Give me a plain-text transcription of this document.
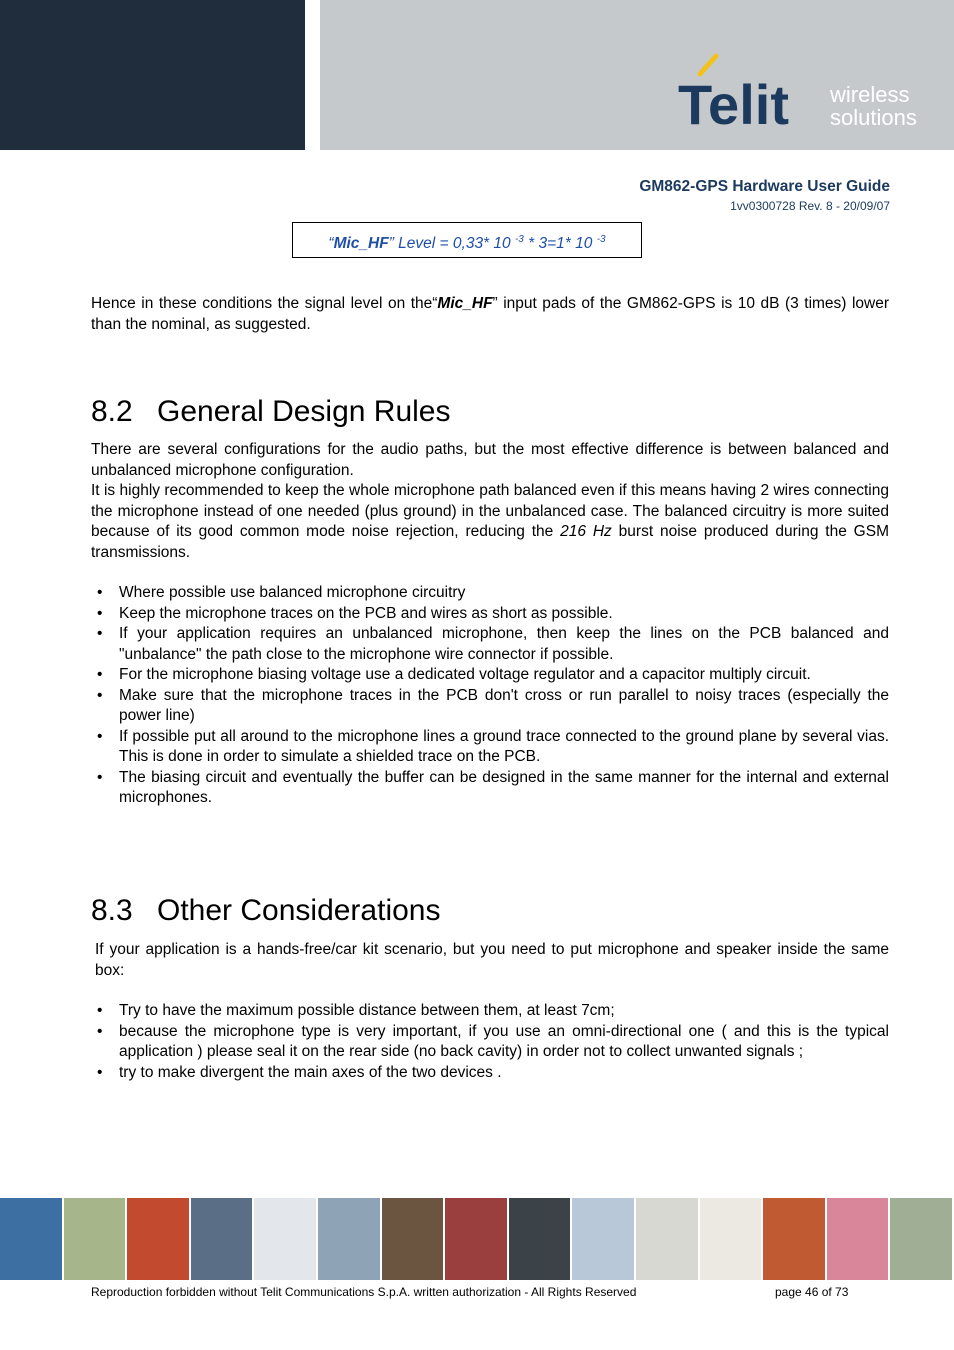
Telit wireless
solutions
GM862-GPS Hardware User Guide
1vv0300728 Rev. 8 - 20/09/07
“Mic_HF” Level = 0,33* 10 $^{-3}$ * 3=1* 10 $^{-3}$
Hence in these conditions the signal level on the“Mic_HF” input pads of the GM862-GPS is 10 dB (3 times) lower than the nominal, as suggested.
8.2 General Design Rules
There are several configurations for the audio paths, but the most effective difference is between balanced and unbalanced microphone configuration.
It is highly recommended to keep the whole microphone path balanced even if this means having 2 wires connecting the microphone instead of one needed (plus ground) in the unbalanced case. The balanced circuitry is more suited because of its good common mode noise rejection, reducing the 216 Hz burst noise produced during the GSM transmissions.
• Where possible use balanced microphone circuitry
• Keep the microphone traces on the PCB and wires as short as possible.
• If your application requires an unbalanced microphone, then keep the lines on the PCB balanced and "unbalance" the path close to the microphone wire connector if possible.
• For the microphone biasing voltage use a dedicated voltage regulator and a capacitor multiply circuit.
• Make sure that the microphone traces in the PCB don't cross or run parallel to noisy traces (especially the power line)
• If possible put all around to the microphone lines a ground trace connected to the ground plane by several vias. This is done in order to simulate a shielded trace on the PCB.
• The biasing circuit and eventually the buffer can be designed in the same manner for the internal and external microphones.
8.3 Other Considerations
If your application is a hands-free/car kit scenario, but you need to put microphone and speaker inside the same box:
• Try to have the maximum possible distance between them, at least 7cm;
• because the microphone type is very important, if you use an omni-directional one ( and this is the typical application ) please seal it on the rear side (no back cavity) in order not to collect unwanted signals ;
• try to make divergent the main axes of the two devices .
Reproduction forbidden without Telit Communications S.p.A. written authorization - All Rights Reserved	page 46 of 73
